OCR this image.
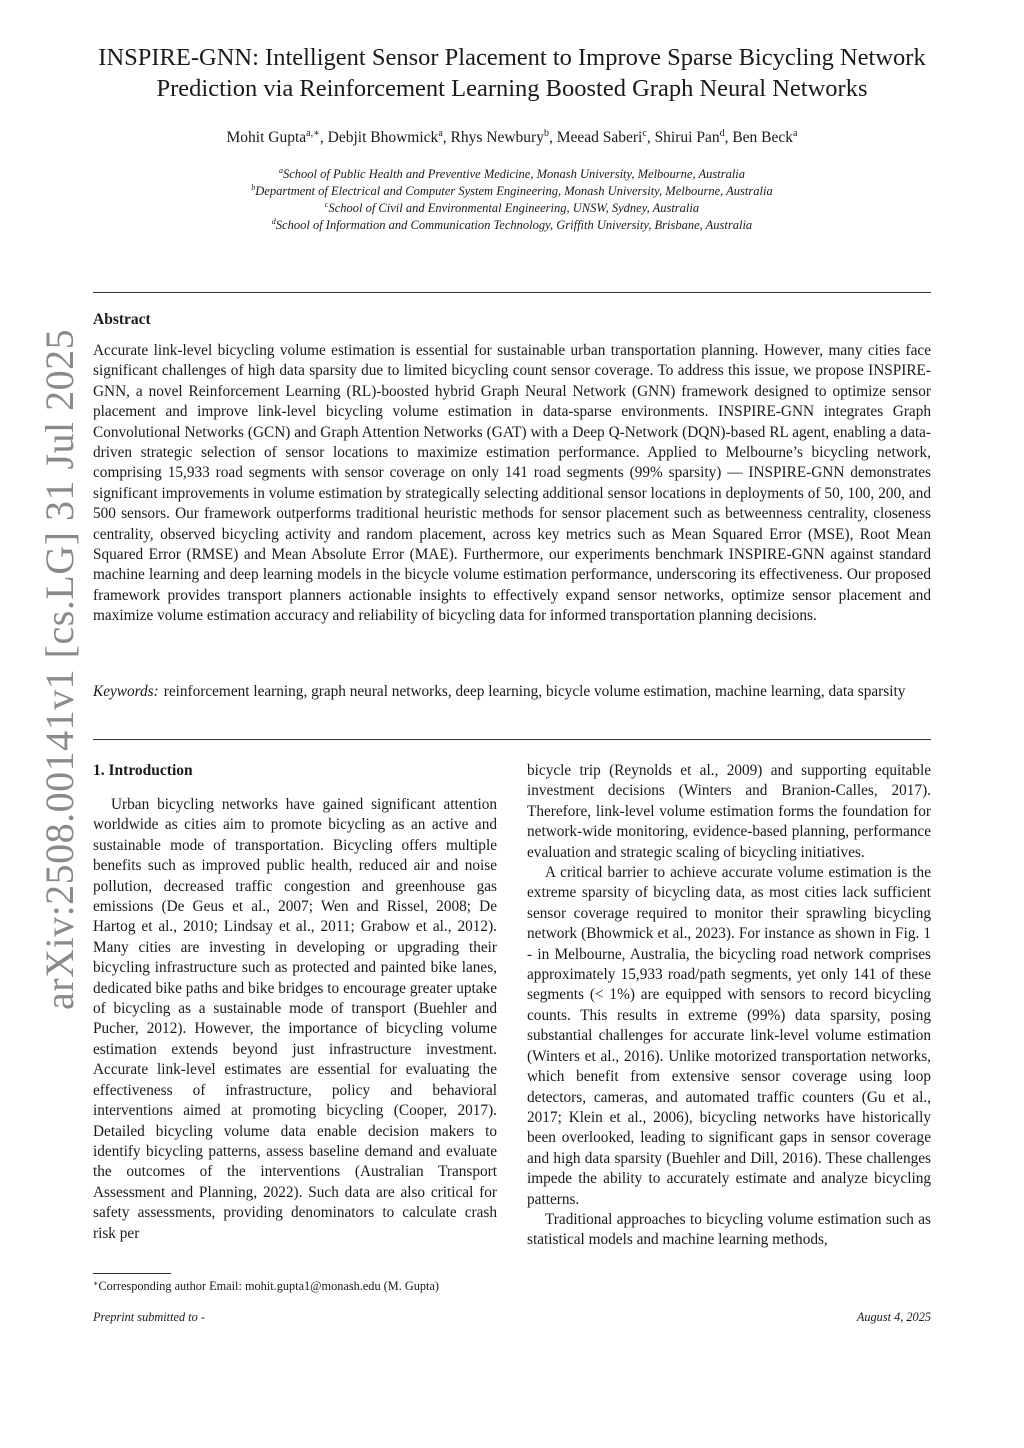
arXiv:2508.00141v1 [cs.LG] 31 Jul 2025
INSPIRE-GNN: Intelligent Sensor Placement to Improve Sparse Bicycling Network
Prediction via Reinforcement Learning Boosted Graph Neural Networks
Mohit Gupta$^{a,∗}$, Debjit Bhowmick$^a$, Rhys Newbury$^b$, Meead Saberi$^c$, Shirui Pan$^d$, Ben Beck$^a$
$^a$School of Public Health and Preventive Medicine, Monash University, Melbourne, Australia
$^b$Department of Electrical and Computer System Engineering, Monash University, Melbourne, Australia
$^c$School of Civil and Environmental Engineering, UNSW, Sydney, Australia
$^d$School of Information and Communication Technology, Griffith University, Brisbane, Australia
Abstract
Accurate link-level bicycling volume estimation is essential for sustainable urban transportation planning. However, many cities face significant challenges of high data sparsity due to limited bicycling count sensor coverage. To address this issue, we propose INSPIRE-GNN, a novel Reinforcement Learning (RL)-boosted hybrid Graph Neural Network (GNN) framework designed to optimize sensor placement and improve link-level bicycling volume estimation in data-sparse environments. INSPIRE-GNN integrates Graph Convolutional Networks (GCN) and Graph Attention Networks (GAT) with a Deep Q-Network (DQN)-based RL agent, enabling a data-driven strategic selection of sensor locations to maximize estimation performance. Applied to Melbourne’s bicycling network, comprising 15,933 road segments with sensor coverage on only 141 road segments (99% sparsity) — INSPIRE-GNN demonstrates significant improvements in volume estimation by strategically selecting additional sensor locations in deployments of 50, 100, 200, and 500 sensors. Our framework outperforms traditional heuristic methods for sensor placement such as betweenness centrality, closeness centrality, observed bicycling activity and random placement, across key metrics such as Mean Squared Error (MSE), Root Mean Squared Error (RMSE) and Mean Absolute Error (MAE). Furthermore, our experiments benchmark INSPIRE-GNN against standard machine learning and deep learning models in the bicycle volume estimation performance, underscoring its effectiveness. Our proposed framework provides transport planners actionable insights to effectively expand sensor networks, optimize sensor placement and maximize volume estimation accuracy and reliability of bicycling data for informed transportation planning decisions.
Keywords: reinforcement learning, graph neural networks, deep learning, bicycle volume estimation, machine learning, data sparsity
1. Introduction

Urban bicycling networks have gained significant attention worldwide as cities aim to promote bicycling as an active and sustainable mode of transportation. Bicycling offers multiple benefits such as improved public health, reduced air and noise pollution, decreased traffic congestion and greenhouse gas emissions (De Geus et al., 2007; Wen and Rissel, 2008; De Hartog et al., 2010; Lindsay et al., 2011; Grabow et al., 2012). Many cities are investing in developing or upgrading their bicycling infrastructure such as protected and painted bike lanes, dedicated bike paths and bike bridges to encourage greater uptake of bicycling as a sustainable mode of transport (Buehler and Pucher, 2012). However, the importance of bicycling volume estimation extends beyond just infrastructure investment. Accurate link-level estimates are essential for evaluating the effectiveness of infrastructure, policy and behavioral interventions aimed at promoting bicycling (Cooper, 2017). Detailed bicycling volume data enable decision makers to identify bicycling patterns, assess baseline demand and evaluate the outcomes of the interventions (Australian Transport Assessment and Planning, 2022). Such data are also critical for safety assessments, providing denominators to calculate crash risk per

bicycle trip (Reynolds et al., 2009) and supporting equitable investment decisions (Winters and Branion-Calles, 2017). Therefore, link-level volume estimation forms the foundation for network-wide monitoring, evidence-based planning, performance evaluation and strategic scaling of bicycling initiatives.

A critical barrier to achieve accurate volume estimation is the extreme sparsity of bicycling data, as most cities lack sufficient sensor coverage required to monitor their sprawling bicycling network (Bhowmick et al., 2023). For instance as shown in Fig. 1 - in Melbourne, Australia, the bicycling road network comprises approximately 15,933 road/path segments, yet only 141 of these segments (< 1%) are equipped with sensors to record bicycling counts. This results in extreme (99%) data sparsity, posing substantial challenges for accurate link-level volume estimation (Winters et al., 2016). Unlike motorized transportation networks, which benefit from extensive sensor coverage using loop detectors, cameras, and automated traffic counters (Gu et al., 2017; Klein et al., 2006), bicycling networks have historically been overlooked, leading to significant gaps in sensor coverage and high data sparsity (Buehler and Dill, 2016). These challenges impede the ability to accurately estimate and analyze bicycling patterns.

Traditional approaches to bicycling volume estimation such as statistical models and machine learning methods,

∗Corresponding author Email: mohit.gupta1@monash.edu (M. Gupta)
Preprint submitted to -	August 4, 2025
